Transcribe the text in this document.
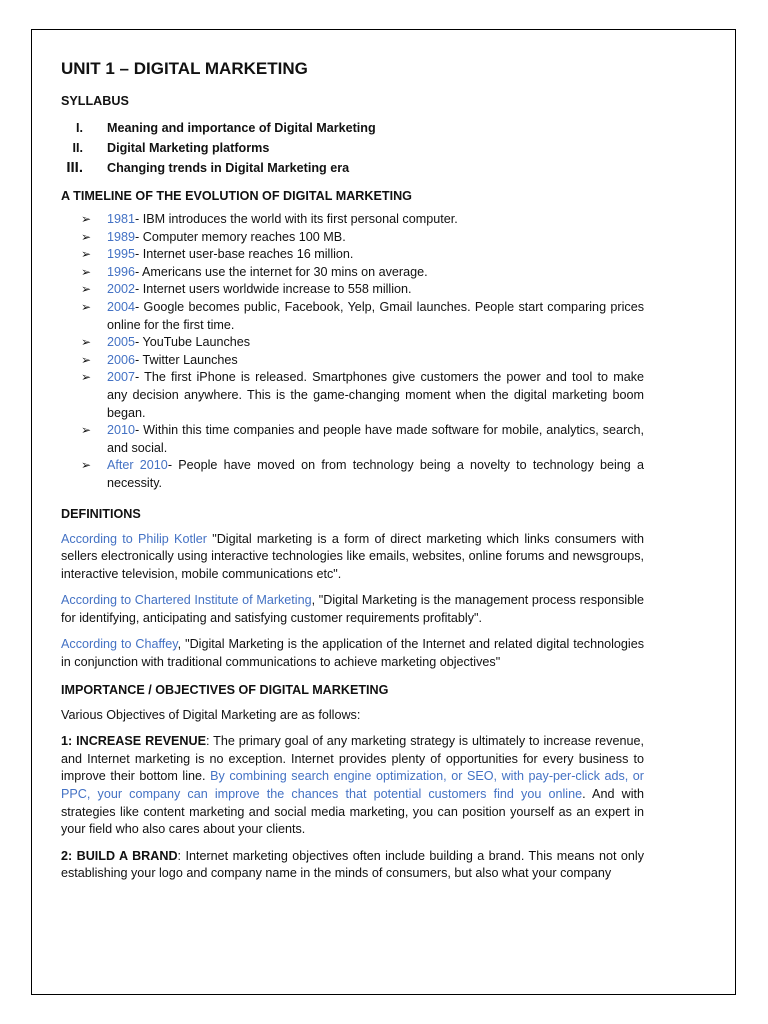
UNIT 1 – DIGITAL MARKETING
SYLLABUS
I. Meaning and importance of Digital Marketing
II. Digital Marketing platforms
III. Changing trends in Digital Marketing era
A TIMELINE OF THE EVOLUTION OF DIGITAL MARKETING
➢ 1981- IBM introduces the world with its first personal computer.
➢ 1989- Computer memory reaches 100 MB.
➢ 1995- Internet user-base reaches 16 million.
➢ 1996- Americans use the internet for 30 mins on average.
➢ 2002- Internet users worldwide increase to 558 million.
➢ 2004- Google becomes public, Facebook, Yelp, Gmail launches. People start comparing prices online for the first time.
➢ 2005- YouTube Launches
➢ 2006- Twitter Launches
➢ 2007- The first iPhone is released. Smartphones give customers the power and tool to make any decision anywhere. This is the game-changing moment when the digital marketing boom began.
➢ 2010- Within this time companies and people have made software for mobile, analytics, search, and social.
➢ After 2010- People have moved on from technology being a novelty to technology being a necessity.
DEFINITIONS

According to Philip Kotler "Digital marketing is a form of direct marketing which links consumers with sellers electronically using interactive technologies like emails, websites, online forums and newsgroups, interactive television, mobile communications etc".

According to Chartered Institute of Marketing, "Digital Marketing is the management process responsible for identifying, anticipating and satisfying customer requirements profitably".

According to Chaffey, "Digital Marketing is the application of the Internet and related digital technologies in conjunction with traditional communications to achieve marketing objectives"

IMPORTANCE / OBJECTIVES OF DIGITAL MARKETING

Various Objectives of Digital Marketing are as follows:

1: INCREASE REVENUE: The primary goal of any marketing strategy is ultimately to increase revenue, and Internet marketing is no exception. Internet provides plenty of opportunities for every business to improve their bottom line. By combining search engine optimization, or SEO, with pay-per-click ads, or PPC, your company can improve the chances that potential customers find you online. And with strategies like content marketing and social media marketing, you can position yourself as an expert in your field who also cares about your clients.

2: BUILD A BRAND: Internet marketing objectives often include building a brand. This means not only establishing your logo and company name in the minds of consumers, but also what your company
